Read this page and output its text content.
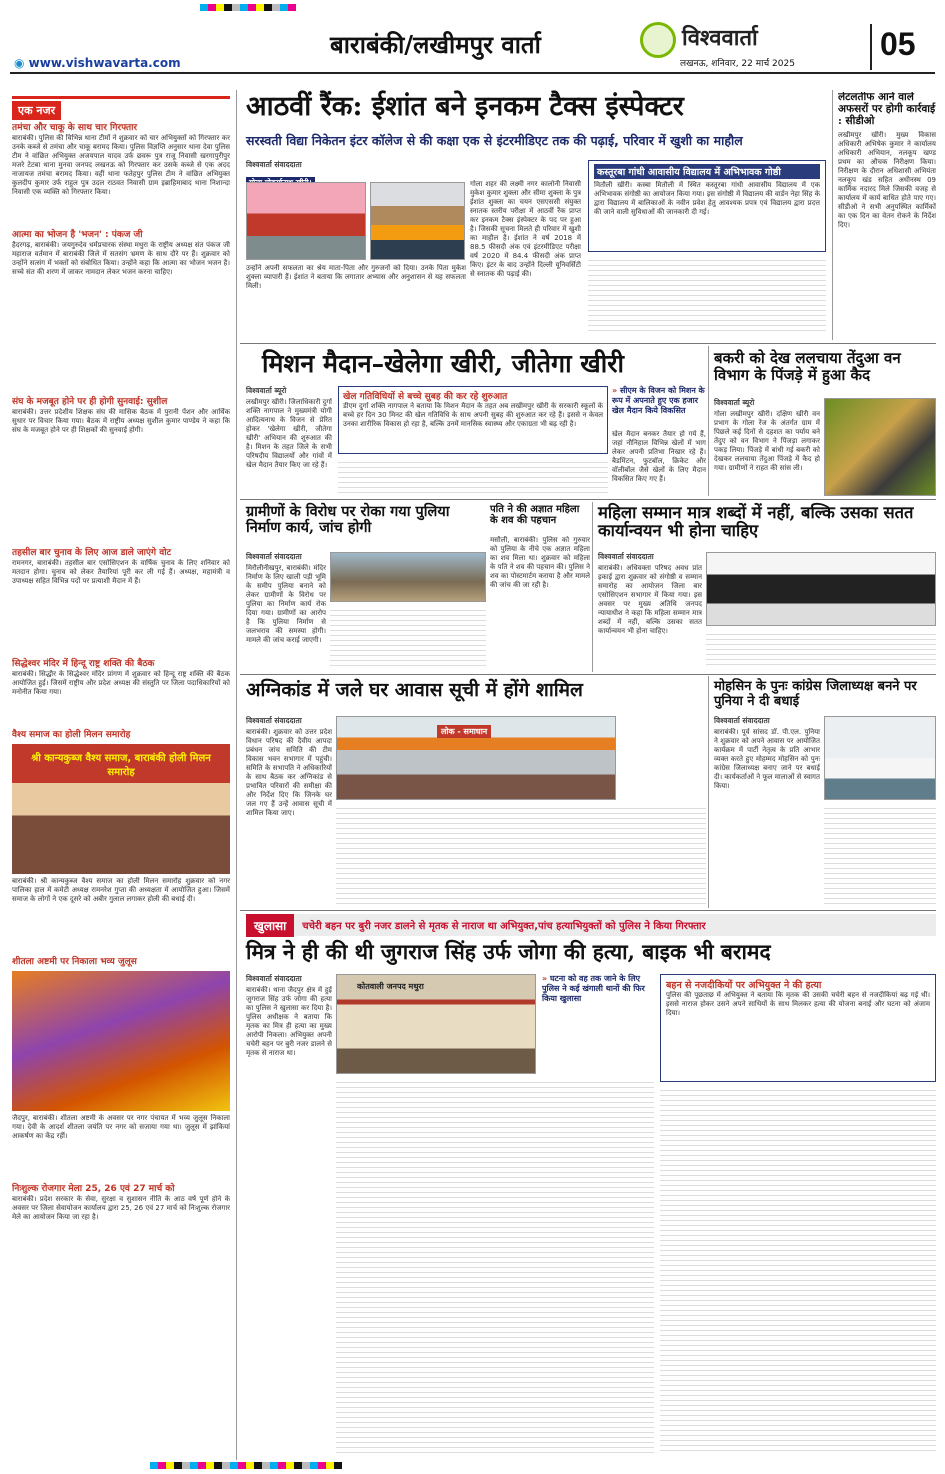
बाराबंकी/लखीमपुर वार्ता
◉ www.vishwavarta.com
विश्ववार्ता
लखनऊ, शनिवार, 22 मार्च 2025
05
एक नजर
तमंचा और चाकू के साथ चार गिरफ्तार
बाराबंकी। पुलिस की विभिन्न थाना टीमों ने शुक्रवार को चार अभियुक्तों को गिरफ्तार कर उनके कब्जे से तमंचा और चाकू बरामद किया। पुलिस विज्ञप्ति अनुसार थाना देवा पुलिस टीम ने वांछित अभियुक्त अजयपाल यादव उर्फ छवरू पुत्र राजू निवासी खरगापुरीपुर मजरे टेटबा थाना मुनवा जनपद लखनऊ को गिरफ्तार कर उसके कब्जे से एक अदद नाजायज तमंचा बरामद किया। वहीं थाना फतेहपुर पुलिस टीम ने वांछित अभियुक्त कुलदीप कुमार उर्फ राहुल पुत्र उदल राठवत निवासी ग्राम इब्राहिमाबाद थाना निशान्दा निवासी एक व्यक्ति को गिरफ्तार किया।
आत्मा का भोजन है 'भजन' : पंकज जी
हैदरगढ़, बाराबंकी। जयगुरुदेव धर्मप्रचारक संस्था मथुरा के राष्ट्रीय अध्यक्ष संत पंकज जी महाराज वर्तमान में बाराबंकी जिले में सतसंग भ्रमण के साथ दौरे पर हैं। शुक्रवार को उन्होंने सत्संग में भक्तों को संबोधित किया। उन्होंने कहा कि आत्मा का भोजन भजन है। सच्चे संत की शरण में जाकर नामदान लेकर भजन करना चाहिए।
संघ के मजबूत होने पर ही होगी सुनवाई: सुशील
बाराबंकी। उत्तर प्रदेशीय शिक्षक संघ की मासिक बैठक में पुरानी पेंशन और आर्थिक सुधार पर विचार किया गया। बैठक में राष्ट्रीय अध्यक्ष सुशील कुमार पाण्डेय ने कहा कि संघ के मजबूत होने पर ही शिक्षकों की सुनवाई होगी।
तहसील बार चुनाव के लिए आज डाले जाएंगे वोट
रामनगर, बाराबंकी। तहसील बार एसोसिएशन के वार्षिक चुनाव के लिए शनिवार को मतदान होगा। चुनाव को लेकर तैयारियां पूरी कर ली गई हैं। अध्यक्ष, महामंत्री व उपाध्यक्ष सहित विभिन्न पदों पर प्रत्याशी मैदान में हैं।
सिद्धेश्वर मंदिर में हिन्दू राष्ट्र शक्ति की बैठक
बाराबंकी। सिद्धौर के सिद्धेश्वर मंदिर प्रांगण में शुक्रवार को हिन्दू राष्ट्र शक्ति की बैठक आयोजित हुई। जिसमें राष्ट्रीय और प्रदेश अध्यक्ष की संस्तुति पर जिला पदाधिकारियों को मनोनीत किया गया।
वैश्य समाज का होली मिलन समारोह
श्री कान्यकुब्ज वैश्य समाज, बाराबंकी होली मिलन समारोह
बाराबंकी। श्री कान्यकुब्ज वैश्य समाज का होली मिलन समारोह शुक्रवार को नगर पालिका हाल में कमेटी अध्यक्ष रामनरेश गुप्ता की अध्यक्षता में आयोजित हुआ। जिसमें समाज के लोगों ने एक दूसरे को अबीर गुलाल लगाकर होली की बधाई दी।
शीतला अष्टमी पर निकाला भव्य जुलूस
जैदपुर, बाराबंकी। शीतला अष्टमी के अवसर पर नगर पंचायत में भव्य जुलूस निकाला गया। देवी के आदर्श शीतला जयंति पर नगर को सजाया गया था। जुलूस में झांकियां आकर्षण का केंद्र रहीं।
निःशुल्क रोजगार मेला 25, 26 एवं 27 मार्च को
बाराबंकी। प्रदेश सरकार के सेवा, सुरक्षा व सुशासन नीति के आठ वर्ष पूर्ण होने के अवसर पर जिला सेवायोजन कार्यालय द्वारा 25, 26 एवं 27 मार्च को निःशुल्क रोजगार मेले का आयोजन किया जा रहा है।
आठवीं रैंक: ईशांत बने इनकम टैक्स इंस्पेक्टर
सरस्वती विद्या निकेतन इंटर कॉलेज से की कक्षा एक से इंटरमीडिएट तक की पढ़ाई, परिवार में खुशी का माहौल
विश्ववार्ता संवाददाता
गोला शहर की लक्ष्मी नगर कालोनी निवासी मुकेश कुमार शुक्ला और सीमा शुक्ला के पुत्र ईशांत शुक्ला का चयन एसएससी संयुक्त स्नातक स्तरीय परीक्षा में आठवीं रैंक प्राप्त कर इनकम टैक्स इंस्पेक्टर के पद पर हुआ है। जिसकी सूचना मिलते ही परिवार में खुशी का माहौल है। ईशांत ने वर्ष 2018 में 88.5 फीसदी अंक एवं इंटरमीडिएट परीक्षा वर्ष 2020 में 84.4 फीसदी अंक प्राप्त किए। इंटर के बाद उन्होंने दिल्ली यूनिवर्सिटी से स्नातक की पढ़ाई की।
उन्होंने अपनी सफलता का श्रेय माता-पिता और गुरुजनों को दिया। उनके पिता मुकेश शुक्ला व्यापारी हैं। ईशांत ने बताया कि लगातार अभ्यास और अनुशासन से यह सफलता मिली।
कस्तूरबा गांधी आवासीय विद्यालय में अभिभावक गोष्ठी
मितौली खीरी। कस्बा मितौली में स्थित कस्तूरबा गांधी आवासीय विद्यालय में एक अभिभावक संगोष्ठी का आयोजन किया गया। इस संगोष्ठी में विद्यालय की वार्डन नेहा सिंह के द्वारा विद्यालय में बालिकाओं के नवीन प्रवेश हेतु आवश्यक प्रपत्र एवं विद्यालय द्वारा प्रदत्त की जाने वाली सुविधाओं की जानकारी दी गई।
लेटलतीफ आने वाले अफसरों पर होगी कार्रवाई : सीडीओ
लखीमपुर खीरी। मुख्य विकास अधिकारी अभिषेक कुमार ने कार्यालय अधिकारी अभियान, नलकूप खण्ड प्रथम का औचक निरीक्षण किया। निरीक्षण के दौरान अधिशासी अभियंता नलकूप खंड सहित अधीनस्थ 09 कार्मिक नदारद मिले जिसकी वजह से कार्यालय में कार्य बाधित होते पाए गए। सीडीओ ने सभी अनुपस्थित कार्मिकों का एक दिन का वेतन रोकने के निर्देश दिए।
मिशन मैदान–खेलेगा खीरी, जीतेगा खीरी
विश्ववार्ता ब्यूरो
लखीमपुर खीरी। जिलाधिकारी दुर्गा शक्ति नागपाल ने मुख्यमंत्री योगी आदित्यनाथ के विजन से प्रेरित होकर 'खेलेगा खीरी, जीतेगा खीरी' अभियान की शुरुआत की है। मिशन के तहत जिले के सभी परिषदीय विद्यालयों और गांवों में खेल मैदान तैयार किए जा रहे हैं।
खेल गतिविधियों से बच्चे सुबह की कर रहे शुरुआत
डीएम दुर्गा शक्ति नागपाल ने बताया कि मिशन मैदान के तहत अब लखीमपुर खीरी के सरकारी स्कूलों के बच्चे हर दिन 30 मिनट की खेल गतिविधि के साथ अपनी सुबह की शुरुआत कर रहे हैं। इससे न केवल उनका शारीरिक विकास हो रहा है, बल्कि उनमें मानसिक स्वास्थ्य और एकाग्रता भी बढ़ रही है।
» सीएम के विजन को मिशन के रूप में अपनाते हुए एक हजार खेल मैदान किये विकसित
खेल मैदान बनकर तैयार हो गये हैं, जहां नौनिहाल विभिन्न खेलों में भाग लेकर अपनी प्रतिभा निखार रहे हैं। बैडमिंटन, फुटबॉल, क्रिकेट और वॉलीबॉल जैसे खेलों के लिए मैदान विकसित किए गए हैं।
बकरी को देख ललचाया तेंदुआ वन विभाग के पिंजड़े में हुआ कैद
विश्ववार्ता ब्यूरो
गोला लखीमपुर खीरी। दक्षिण खीरी वन प्रभाग के गोला रेंज के अंतर्गत ग्राम में पिछले कई दिनों से दहशत का पर्याय बने तेंदुए को वन विभाग ने पिंजड़ा लगाकर पकड़ लिया। पिंजड़े में बांधी गई बकरी को देखकर ललचाया तेंदुआ पिंजड़े में कैद हो गया। ग्रामीणों ने राहत की सांस ली।
ग्रामीणों के विरोध पर रोका गया पुलिया निर्माण कार्य, जांच होगी
विश्ववार्ता संवाददाता
मिरौलीनीखपुर, बाराबंकी। मंदिर निर्माण के लिए खाली पड़ी भूमि के समीप पुलिया बनाने को लेकर ग्रामीणों के विरोध पर पुलिया का निर्माण कार्य रोक दिया गया। ग्रामीणों का आरोप है कि पुलिया निर्माण से जलभराव की समस्या होगी। मामले की जांच कराई जाएगी।
पति ने की अज्ञात महिला के शव की पहचान
मसौली, बाराबंकी। पुलिस को गुरुवार को पुलिया के नीचे एक अज्ञात महिला का शव मिला था। शुक्रवार को महिला के पति ने शव की पहचान की। पुलिस ने शव का पोस्टमार्टम कराया है और मामले की जांच की जा रही है।
महिला सम्मान मात्र शब्दों में नहीं, बल्कि उसका सतत कार्यान्वयन भी होना चाहिए
विश्ववार्ता संवाददाता
बाराबंकी। अधिवक्ता परिषद अवध प्रांत इकाई द्वारा शुक्रवार को संगोष्ठी व सम्मान समारोह का आयोजन जिला बार एसोसिएशन सभागार में किया गया। इस अवसर पर मुख्य अतिथि जनपद न्यायाधीश ने कहा कि महिला सम्मान मात्र शब्दों में नहीं, बल्कि उसका सतत कार्यान्वयन भी होना चाहिए।
अग्निकांड में जले घर आवास सूची में होंगे शामिल
विश्ववार्ता संवाददाता
बाराबंकी। शुक्रवार को उत्तर प्रदेश विधान परिषद की दैवीय आपदा प्रबंधन जांच समिति की टीम विकास भवन सभागार में पहुंची। समिति के सभापति ने अधिकारियों के साथ बैठक कर अग्निकांड से प्रभावित परिवारों की समीक्षा की और निर्देश दिए कि जिनके घर जल गए हैं उन्हें आवास सूची में शामिल किया जाए।
लोक - समाधान
मोहसिन के पुनः कांग्रेस जिलाध्यक्ष बनने पर पुनिया ने दी बधाई
विश्ववार्ता संवाददाता
बाराबंकी। पूर्व सांसद डॉ. पी.एल. पुनिया ने शुक्रवार को अपने आवास पर आयोजित कार्यक्रम में पार्टी नेतृत्व के प्रति आभार व्यक्त करते हुए मोहम्मद मोहसिन को पुनः कांग्रेस जिलाध्यक्ष बनाए जाने पर बधाई दी। कार्यकर्ताओं ने फूल मालाओं से स्वागत किया।
खुलासा	चचेरी बहन पर बुरी नजर डालने से मृतक से नाराज था अभियुक्त,पांच हत्याभियुक्तों को पुलिस ने किया गिरफ्तार
मित्र ने ही की थी जुगराज सिंह उर्फ जोगा की हत्या, बाइक भी बरामद
विश्ववार्ता संवाददाता
बाराबंकी। थाना जैदपुर क्षेत्र में हुई जुगराज सिंह उर्फ जोगा की हत्या का पुलिस ने खुलासा कर दिया है। पुलिस अधीक्षक ने बताया कि मृतक का मित्र ही हत्या का मुख्य आरोपी निकला। अभियुक्त अपनी चचेरी बहन पर बुरी नजर डालने से मृतक से नाराज था।
कोतवाली जनपद मथुरा
» घटना को वह तक जाने के लिए पुलिस ने कई खंगाली थानों की फिर किया खुलासा
बहन से नजदीकियों पर अभियुक्त ने की हत्या
पुलिस की पूछताछ में अभियुक्त ने बताया कि मृतक की उसकी चचेरी बहन से नजदीकियां बढ़ गई थीं। इससे नाराज होकर उसने अपने साथियों के साथ मिलकर हत्या की योजना बनाई और घटना को अंजाम दिया।
